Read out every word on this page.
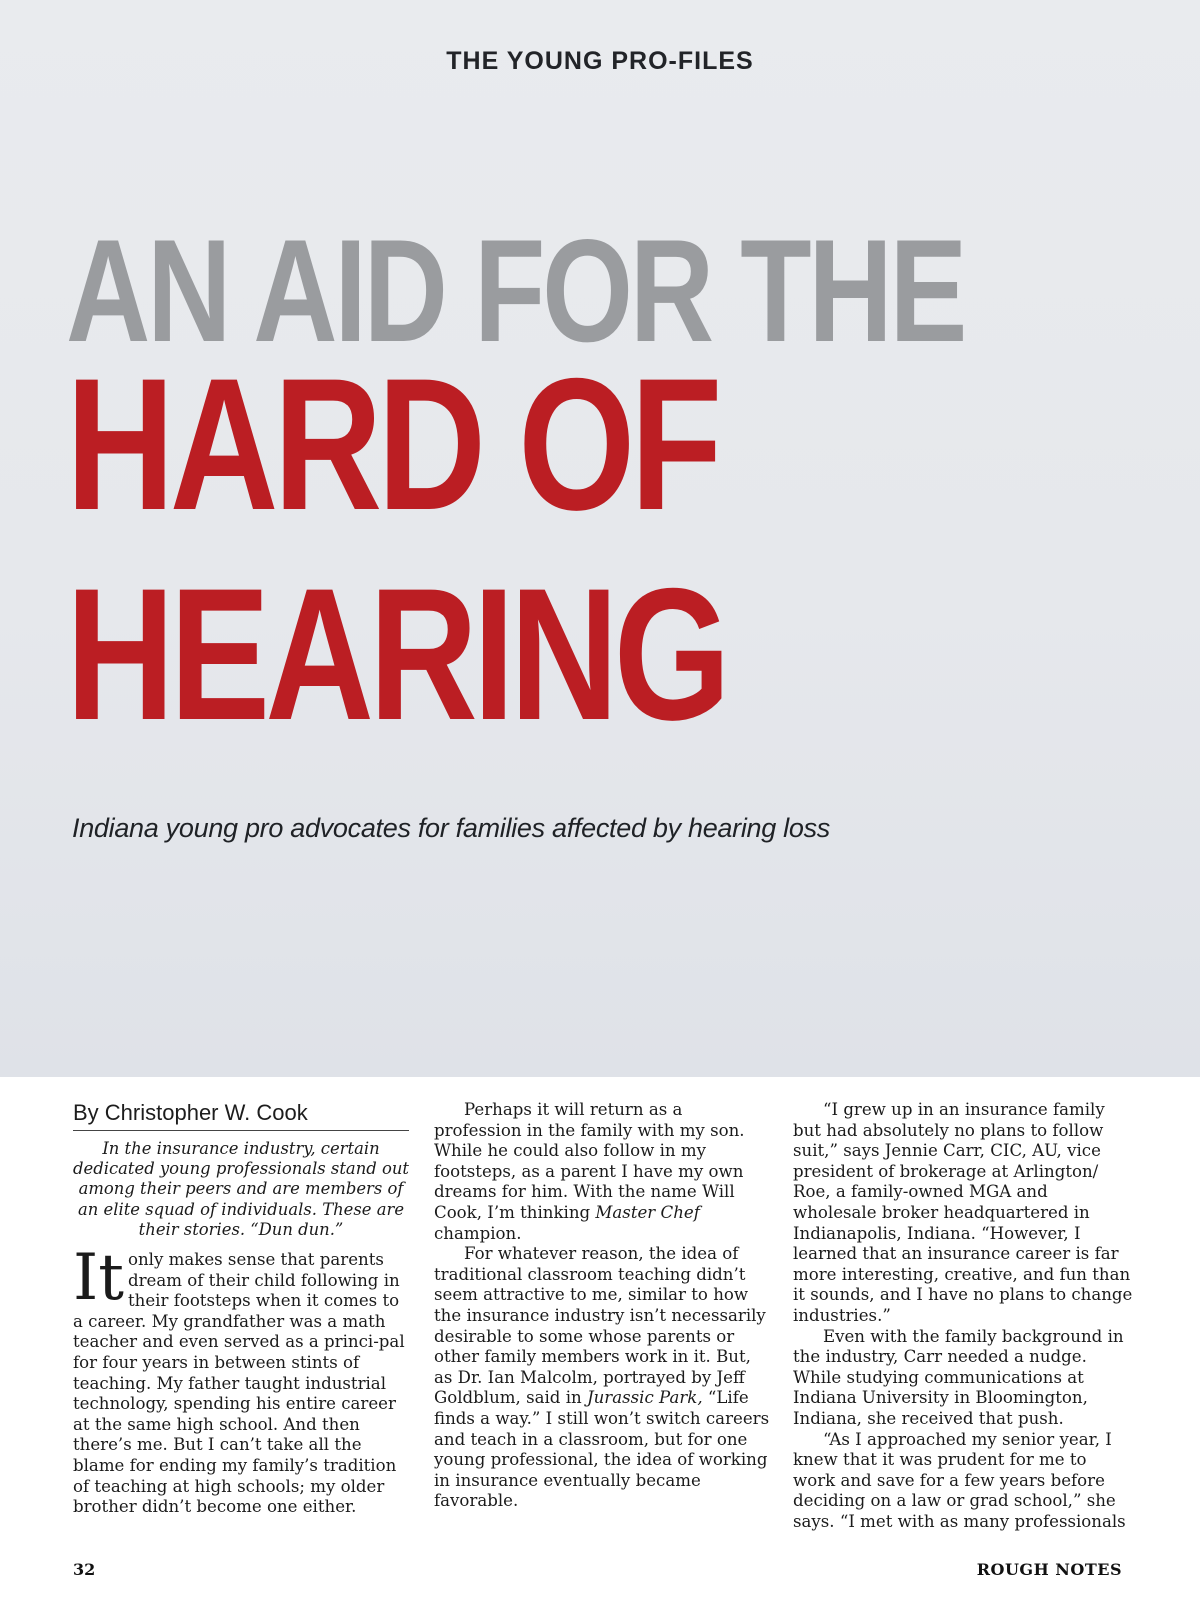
THE YOUNG PRO-FILES
AN AID FOR THE
HARD OF
HEARING
Indiana young pro advocates for families affected by hearing loss
By Christopher W. Cook

In the insurance industry, certain dedicated young professionals stand out among their peers and are members of an elite squad of individuals. These are their stories. “Dun dun.”

It only makes sense that parents dream of their child following in their footsteps when it comes to a career. My grandfather was a math teacher and even served as a princi-pal for four years in between stints of teaching. My father taught industrial technology, spending his entire career at the same high school. And then there’s me. But I can’t take all the blame for ending my family’s tradition of teaching at high schools; my older brother didn’t become one either.

Perhaps it will return as a profession in the family with my son. While he could also follow in my footsteps, as a parent I have my own dreams for him. With the name Will Cook, I’m thinking Master Chef champion.

For whatever reason, the idea of traditional classroom teaching didn’t seem attractive to me, similar to how the insurance industry isn’t necessarily desirable to some whose parents or other family members work in it. But, as Dr. Ian Malcolm, portrayed by Jeff Goldblum, said in Jurassic Park, “Life finds a way.” I still won’t switch careers and teach in a classroom, but for one young professional, the idea of working in insurance eventually became favorable.

“I grew up in an insurance family but had absolutely no plans to follow suit,” says Jennie Carr, CIC, AU, vice president of brokerage at Arlington/ Roe, a family-owned MGA and wholesale broker headquartered in Indianapolis, Indiana. “However, I learned that an insurance career is far more interesting, creative, and fun than it sounds, and I have no plans to change industries.”

Even with the family background in the industry, Carr needed a nudge. While studying communications at Indiana University in Bloomington, Indiana, she received that push.

“As I approached my senior year, I knew that it was prudent for me to work and save for a few years before deciding on a law or grad school,” she says. “I met with as many professionals

32	ROUGH NOTES
